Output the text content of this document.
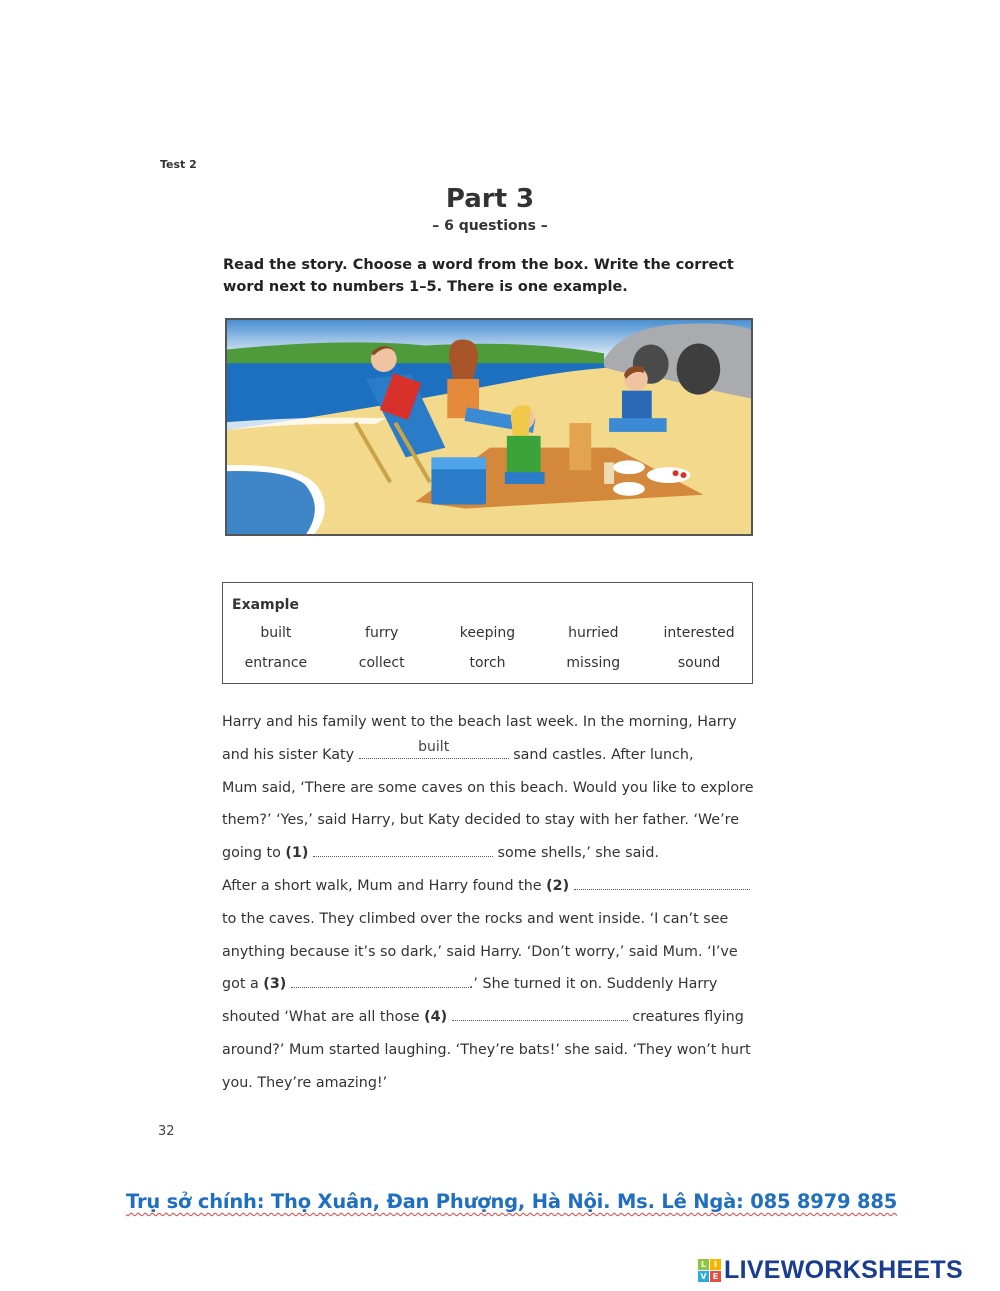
Test 2
Part 3
– 6 questions –
Read the story. Choose a word from the box. Write the correct word next to numbers 1–5. There is one example.
Example
built	furry	keeping	hurried	interested
entrance	collect	torch	missing	sound
Harry and his family went to the beach last week. In the morning, Harry
and his sister Katy	built	sand castles. After lunch,
Mum said, ‘There are some caves on this beach. Would you like to explore
them?’ ‘Yes,’ said Harry, but Katy decided to stay with her father. ‘We’re
going to (1)	some shells,’ she said.
After a short walk, Mum and Harry found the (2)
to the caves. They climbed over the rocks and went inside. ‘I can’t see
anything because it’s so dark,’ said Harry. ‘Don’t worry,’ said Mum. ‘I’ve
got a (3)	.’ She turned it on. Suddenly Harry
shouted ‘What are all those (4)	creatures flying
around?’ Mum started laughing. ‘They’re bats!’ she said. ‘They won’t hurt
you. They’re amazing!’
32
Trụ sở chính: Thọ Xuân, Đan Phượng, Hà Nội. Ms. Lê Ngà: 085 8979 885
L I
V E LIVEWORKSHEETS
